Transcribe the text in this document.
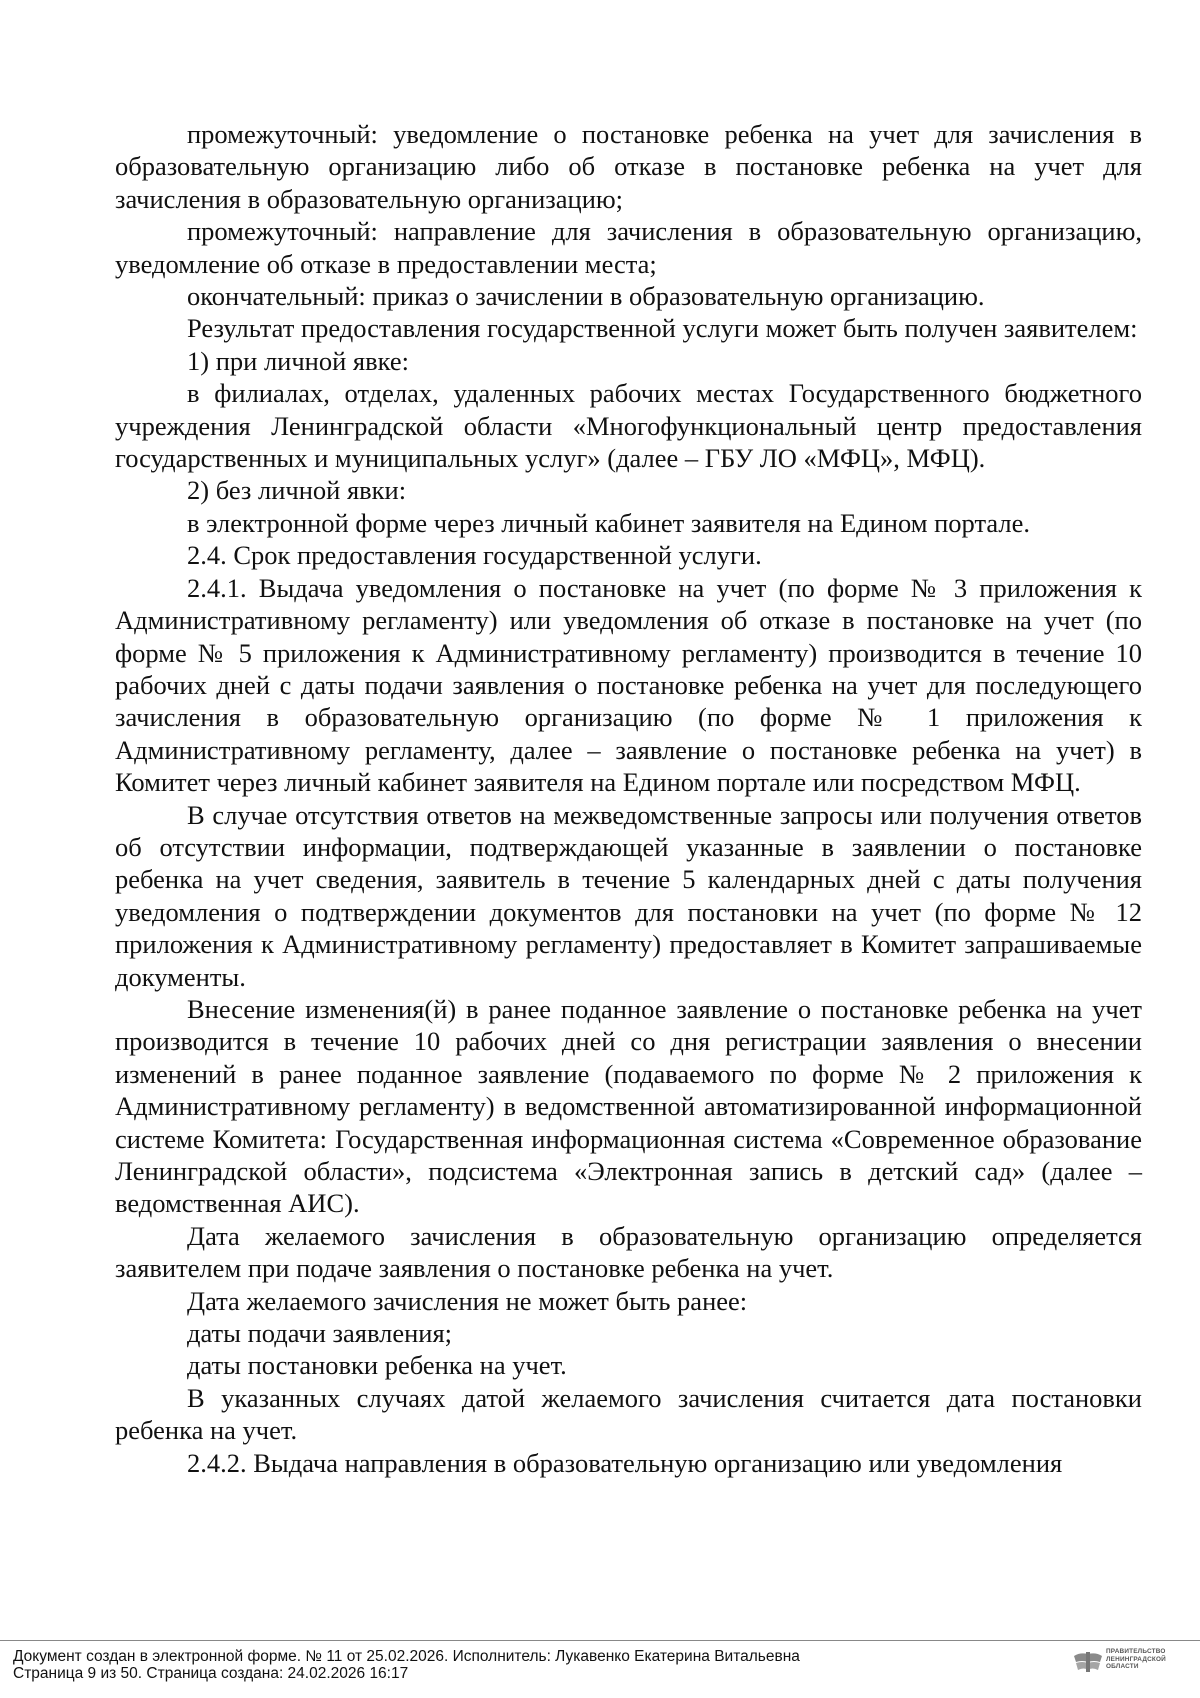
промежуточный: уведомление о постановке ребенка на учет для зачисления в образовательную организацию либо об отказе в постановке ребенка на учет для зачисления в образовательную организацию;

промежуточный: направление для зачисления в образовательную организацию, уведомление об отказе в предоставлении места;

окончательный: приказ о зачислении в образовательную организацию.

Результат предоставления государственной услуги может быть получен заявителем:

1) при личной явке:

в филиалах, отделах, удаленных рабочих местах Государственного бюджетного учреждения Ленинградской области «Многофункциональный центр предоставления государственных и муниципальных услуг» (далее – ГБУ ЛО «МФЦ», МФЦ).

2) без личной явки:

в электронной форме через личный кабинет заявителя на Едином портале.

2.4. Срок предоставления государственной услуги.

2.4.1. Выдача уведомления о постановке на учет (по форме № 3 приложения к Административному регламенту) или уведомления об отказе в постановке на учет (по форме № 5 приложения к Административному регламенту) производится в течение 10 рабочих дней с даты подачи заявления о постановке ребенка на учет для последующего зачисления в образовательную организацию (по форме № 1 приложения к Административному регламенту, далее – заявление о постановке ребенка на учет) в Комитет через личный кабинет заявителя на Едином портале или посредством МФЦ.

В случае отсутствия ответов на межведомственные запросы или получения ответов об отсутствии информации, подтверждающей указанные в заявлении о постановке ребенка на учет сведения, заявитель в течение 5 календарных дней с даты получения уведомления о подтверждении документов для постановки на учет (по форме № 12 приложения к Административному регламенту) предоставляет в Комитет запрашиваемые документы.

Внесение изменения(й) в ранее поданное заявление о постановке ребенка на учет производится в течение 10 рабочих дней со дня регистрации заявления о внесении изменений в ранее поданное заявление (подаваемого по форме № 2 приложения к Административному регламенту) в ведомственной автоматизированной информационной системе Комитета: Государственная информационная система «Современное образование Ленинградской области», подсистема «Электронная запись в детский сад» (далее – ведомственная АИС).

Дата желаемого зачисления в образовательную организацию определяется заявителем при подаче заявления о постановке ребенка на учет.

Дата желаемого зачисления не может быть ранее:

даты подачи заявления;

даты постановки ребенка на учет.

В указанных случаях датой желаемого зачисления считается дата постановки ребенка на учет.

2.4.2. Выдача направления в образовательную организацию или уведомления

Документ создан в электронной форме. № 11 от 25.02.2026. Исполнитель: Лукавенко Екатерина Витальевна
Страница 9 из 50. Страница создана: 24.02.2026 16:17
ПРАВИТЕЛЬСТВО
ЛЕНИНГРАДСКОЙ
ОБЛАСТИ
